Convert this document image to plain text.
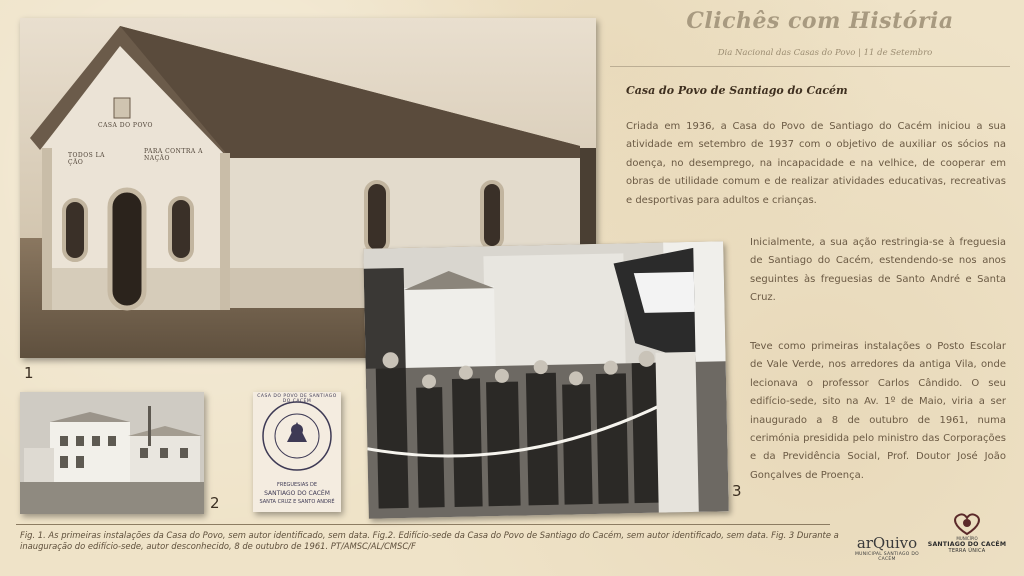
CASA DO POVO
TODOS LA ÇÃO
PARA CONTRA A NAÇÃO
1
2
CASA DO POVO DE SANTIAGO DO CACÉM
FREGUESIAS DE
SANTIAGO DO CACÉM
SANTA CRUZ E SANTO ANDRÉ
3
Clichês com História
Dia Nacional das Casas do Povo | 11 de Setembro
Casa do Povo de Santiago do Cacém
Criada em 1936, a Casa do Povo de Santiago do Cacém iniciou a sua atividade em setembro de 1937 com o objetivo de auxiliar os sócios na doença, no desemprego, na incapacidade e na velhice, de cooperar em obras de utilidade comum e de realizar atividades educativas, recreativas e desportivas para adultos e crianças.
Inicialmente, a sua ação restringia-se à freguesia de Santiago do Cacém, estendendo-se nos anos seguintes às freguesias de Santo André e Santa Cruz.
Teve como primeiras instalações o Posto Escolar de Vale Verde, nos arredores da antiga Vila, onde lecionava o professor Carlos Cândido. O seu edifício-sede, sito na Av. 1º de Maio, viria a ser inaugurado a 8 de outubro de 1961, numa cerimónia presidida pelo ministro das Corporações e da Previdência Social, Prof. Doutor José João Gonçalves de Proença.
Fig. 1. As primeiras instalações da Casa do Povo, sem autor identificado, sem data. Fig.2. Edifício-sede da Casa do Povo de Santiago do Cacém, sem autor identificado, sem data. Fig. 3 Durante a inauguração do edifício-sede, autor desconhecido, 8 de outubro de 1961. PT/AMSC/AL/CMSC/F	arQuivo
MUNICIPAL SANTIAGO DO CACÉM
MUNICÍPIO
SANTIAGO DO CACÉM
TERRA ÚNICA
